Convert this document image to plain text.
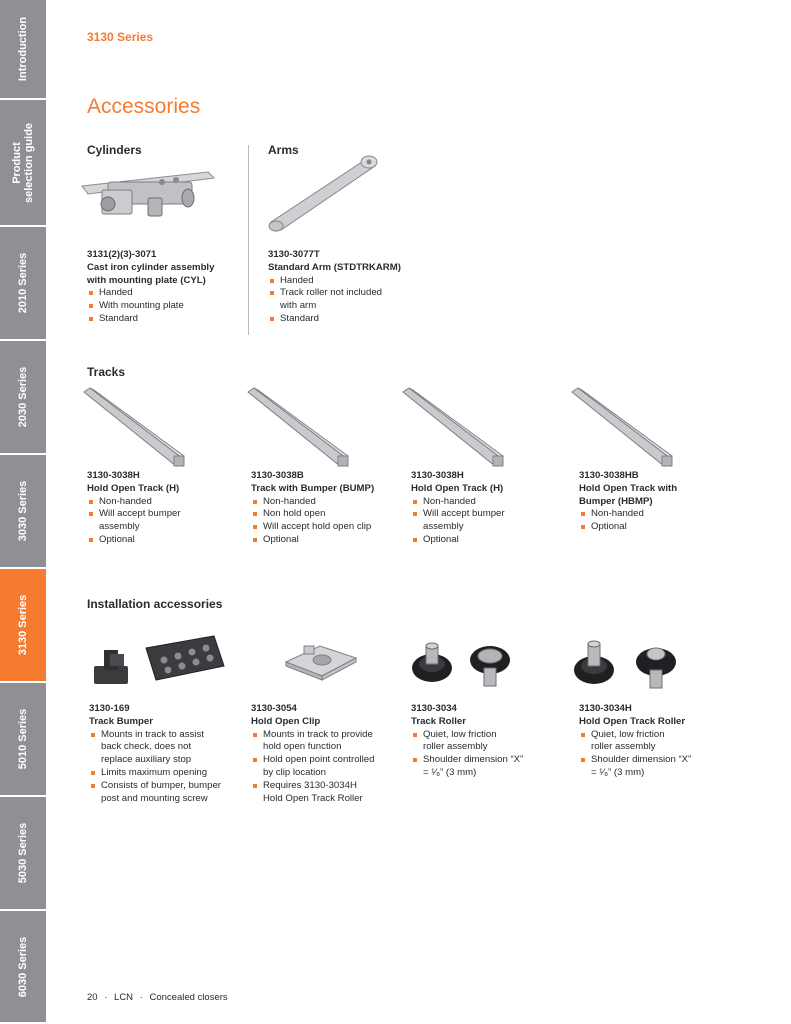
Introduction
Product selection guide
2010 Series
2030 Series
3030 Series
3130 Series
5010 Series
5030 Series
6030 Series
3130 Series
Accessories
Cylinders
3131(2)(3)-3071
Cast iron cylinder assembly
with mounting plate (CYL)
Handed
With mounting plate
Standard
Arms
3130-3077T
Standard Arm (STDTRKARM)
Handed
Track roller not included with arm
Standard
Tracks
3130-3038H
Hold Open Track (H)
Non-handed
Will accept bumper assembly
Optional
3130-3038B
Track with Bumper (BUMP)
Non-handed
Non hold open
Will accept hold open clip
Optional
3130-3038H
Hold Open Track (H)
Non-handed
Will accept bumper assembly
Optional
3130-3038HB
Hold Open Track with Bumper (HBMP)
Non-handed
Optional
Installation accessories
3130-169
Track Bumper
Mounts in track to assist back check, does not replace auxiliary stop
Limits maximum opening
Consists of bumper, bumper post and mounting screw
3130-3054
Hold Open Clip
Mounts in track to provide hold open function
Hold open point controlled by clip location
Requires 3130-3034H Hold Open Track Roller
3130-3034
Track Roller
Quiet, low friction roller assembly
Shoulder dimension “X” = ¹⁄₈” (3 mm)
3130-3034H
Hold Open Track Roller
Quiet, low friction roller assembly
Shoulder dimension “X” = ¹⁄₈” (3 mm)
20 · LCN · Concealed closers
